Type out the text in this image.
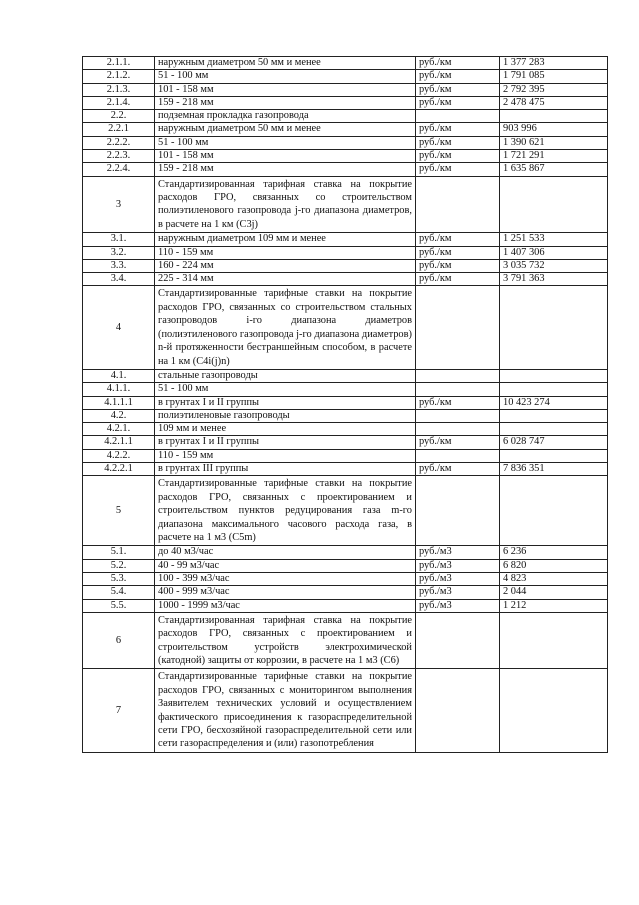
2.1.1.	наружным диаметром 50 мм и менее	руб./км	1 377 283
2.1.2.	51 - 100 мм	руб./км	1 791 085
2.1.3.	101 - 158 мм	руб./км	2 792 395
2.1.4.	159 - 218 мм	руб./км	2 478 475
2.2.	подземная прокладка газопровода		
2.2.1	наружным диаметром 50 мм и менее	руб./км	903 996
2.2.2.	51 - 100 мм	руб./км	1 390 621
2.2.3.	101 - 158 мм	руб./км	1 721 291
2.2.4.	159 - 218 мм	руб./км	1 635 867
3	Стандартизированная тарифная ставка на покрытие расходов ГРО, связанных со строительством полиэтиленового газопровода j-го диапазона диаметров, в расчете на 1 км (C3j)		
3.1.	наружным диаметром 109 мм и менее	руб./км	1 251 533
3.2.	110 - 159 мм	руб./км	1 407 306
3.3.	160 - 224 мм	руб./км	3 035 732
3.4.	225 - 314 мм	руб./км	3 791 363
4	Стандартизированные тарифные ставки на покрытие расходов ГРО, связанных со строительством стальных газопроводов i-го диапазона диаметров (полиэтиленового газопровода j-го диапазона диаметров) n-й протяженности бестраншейным способом, в расчете на 1 км (C4i(j)n)		
4.1.	стальные газопроводы		
4.1.1.	51 - 100 мм		
4.1.1.1	в грунтах I и II группы	руб./км	10 423 274
4.2.	полиэтиленовые газопроводы		
4.2.1.	109 мм и менее		
4.2.1.1	в грунтах I и II группы	руб./км	6 028 747
4.2.2.	110 - 159 мм		
4.2.2.1	в грунтах III группы	руб./км	7 836 351
5	Стандартизированные тарифные ставки на покрытие расходов ГРО, связанных с проектированием и строительством пунктов редуцирования газа m-го диапазона максимального часового расхода газа, в расчете на 1 м3 (C5m)		
5.1.	до 40 м3/час	руб./м3	6 236
5.2.	40 - 99 м3/час	руб./м3	6 820
5.3.	100 - 399 м3/час	руб./м3	4 823
5.4.	400 - 999 м3/час	руб./м3	2 044
5.5.	1000 - 1999 м3/час	руб./м3	1 212
6	Стандартизированная тарифная ставка на покрытие расходов ГРО, связанных с проектированием и строительством устройств электрохимической (катодной) защиты от коррозии, в расчете на 1 м3 (C6)		
7	Стандартизированные тарифные ставки на покрытие расходов ГРО, связанных с мониторингом выполнения Заявителем технических условий и осуществлением фактического присоединения к газораспределительной сети ГРО, бесхозяйной газораспределительной сети или сети газораспределения и (или) газопотребления		
